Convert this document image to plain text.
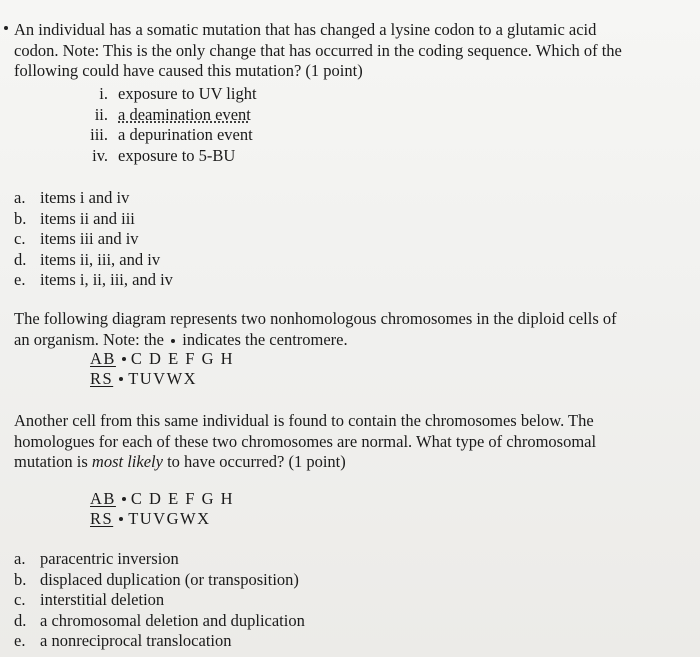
An individual has a somatic mutation that has changed a lysine codon to a glutamic acid
codon. Note: This is the only change that has occurred in the coding sequence. Which of the
following could have caused this mutation? (1 point)

i. exposure to UV light
ii. a deamination event
iii. a depurination event
iv. exposure to 5-BU
a. items i and iv
b. items ii and iii
c. items iii and iv
d. items ii, iii, and iv
e. items i, ii, iii, and iv

The following diagram represents two nonhomologous chromosomes in the diploid cells of
an organism. Note: the indicates the centromere.

AB C D E F G H
RS TUVWX

Another cell from this same individual is found to contain the chromosomes below. The
homologues for each of these two chromosomes are normal. What type of chromosomal
mutation is most likely to have occurred? (1 point)

AB C D E F G H
RS TUVGWX
a. paracentric inversion
b. displaced duplication (or transposition)
c. interstitial deletion
d. a chromosomal deletion and duplication
e. a nonreciprocal translocation
